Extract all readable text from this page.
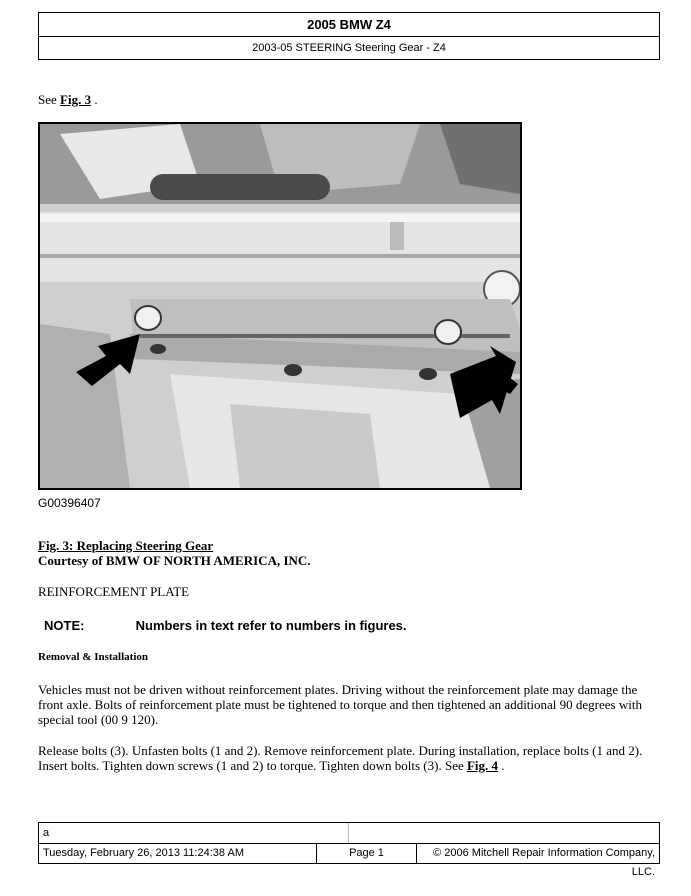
2005 BMW Z4
2003-05 STEERING Steering Gear - Z4
See Fig. 3 .
G00396407
Fig. 3: Replacing Steering Gear
Courtesy of BMW OF NORTH AMERICA, INC.
REINFORCEMENT PLATE
NOTE:	Numbers in text refer to numbers in figures.
Removal & Installation
Vehicles must not be driven without reinforcement plates. Driving without the reinforcement plate may damage the front axle. Bolts of reinforcement plate must be tightened to torque and then tightened an additional 90 degrees with special tool (00 9 120).
Release bolts (3). Unfasten bolts (1 and 2). Remove reinforcement plate. During installation, replace bolts (1 and 2). Insert bolts. Tighten down screws (1 and 2) to torque. Tighten down bolts (3). See Fig. 4 .
a
Tuesday, February 26, 2013 11:24:38 AM	Page 1	© 2006 Mitchell Repair Information Company, LLC.
